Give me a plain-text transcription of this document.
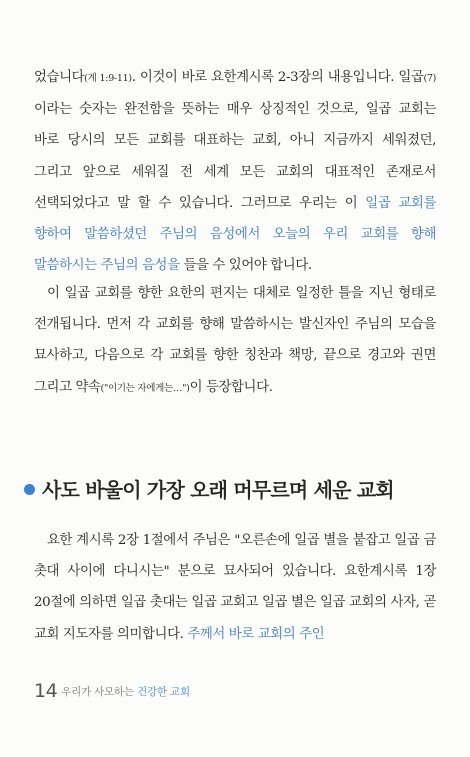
었습니다(계 1:9-11). 이것이 바로 요한계시록 2-3장의 내용입니다. 일곱(7)이라는 숫자는 완전함을 뜻하는 매우 상징적인 것으로, 일곱 교회는 바로 당시의 모든 교회를 대표하는 교회, 아니 지금까지 세워졌던, 그리고 앞으로 세워질 전 세계 모든 교회의 대표적인 존재로서 선택되었다고 말 할 수 있습니다. 그러므로 우리는 이 일곱 교회를 향하여 말씀하셨던 주님의 음성에서 오늘의 우리 교회를 향해 말씀하시는 주님의 음성을 들을 수 있어야 합니다.

이 일곱 교회를 향한 요한의 편지는 대체로 일정한 틀을 지닌 형태로 전개됩니다. 먼저 각 교회를 향해 말씀하시는 발신자인 주님의 모습을 묘사하고, 다음으로 각 교회를 향한 칭찬과 책망, 끝으로 경고와 권면 그리고 약속("이기는 자에게는…")이 등장합니다.

사도 바울이 가장 오래 머무르며 세운 교회

요한 계시록 2장 1절에서 주님은 "오른손에 일곱 별을 붙잡고 일곱 금 촛대 사이에 다니시는" 분으로 묘사되어 있습니다. 요한계시록 1장 20절에 의하면 일곱 촛대는 일곱 교회고 일곱 별은 일곱 교회의 사자, 곧 교회 지도자를 의미합니다. 주께서 바로 교회의 주인

14 우리가 사모하는 건강한 교회
